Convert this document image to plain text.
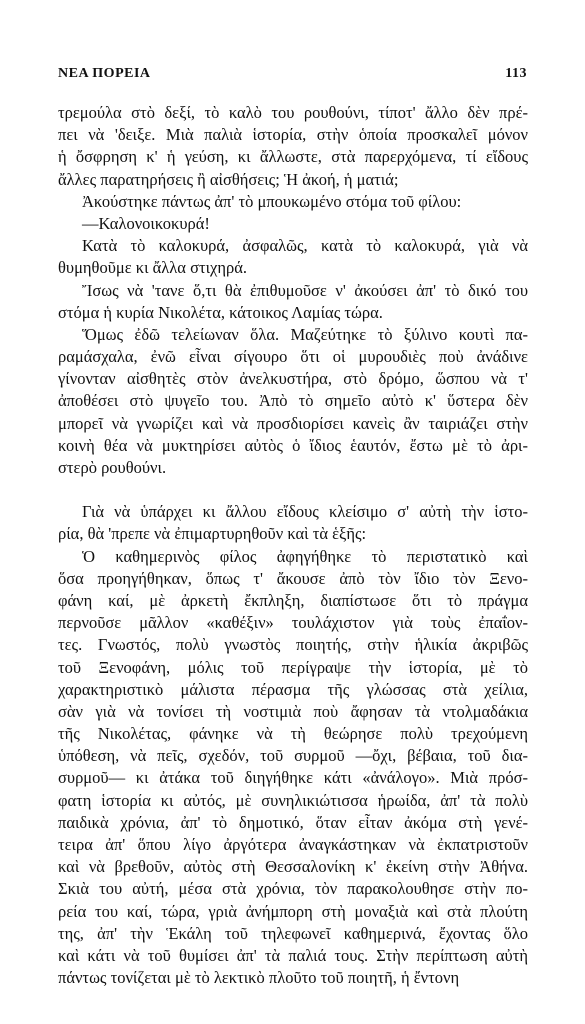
ΝΕΑ ΠΟΡΕΙΑ	113
τρεμούλα στὸ δεξί, τὸ καλὸ του ρουθούνι, τίποτ' ἄλλο δὲν πρέ-
πει νὰ 'δειξε. Μιὰ παλιὰ ἱστορία, στὴν ὁποία προσκαλεῖ μόνον
ἡ ὄσφρηση κ' ἡ γεύση, κι ἄλλωστε, στὰ παρερχόμενα, τί εἴδους
ἄλλες παρατηρήσεις ἢ αἰσθήσεις; Ἡ ἀκοή, ἡ ματιά;
Ἀκούστηκε πάντως ἀπ' τὸ μπουκωμένο στόμα τοῦ φίλου:
—Καλονοικοκυρά!
Κατὰ τὸ καλοκυρά, ἀσφαλῶς, κατὰ τὸ καλοκυρά, γιὰ νὰ
θυμηθοῦμε κι ἄλλα στιχηρά.
Ἴσως νὰ 'τανε ὅ,τι θὰ ἐπιθυμοῦσε ν' ἀκούσει ἀπ' τὸ δικό του
στόμα ἡ κυρία Νικολέτα, κάτοικος Λαμίας τώρα.
Ὅμως ἐδῶ τελείωναν ὅλα. Μαζεύτηκε τὸ ξύλινο κουτὶ πα-
ραμάσχαλα, ἐνῶ εἶναι σίγουρο ὅτι οἱ μυρουδιὲς ποὺ ἀνάδινε
γίνονταν αἰσθητὲς στὸν ἀνελκυστήρα, στὸ δρόμο, ὥσπου νὰ τ'
ἀποθέσει στὸ ψυγεῖο του. Ἀπὸ τὸ σημεῖο αὐτὸ κ' ὕστερα δὲν
μπορεῖ νὰ γνωρίζει καὶ νὰ προσδιορίσει κανεὶς ἂν ταιριάζει στὴν
κοινὴ θέα νὰ μυκτηρίσει αὐτὸς ὁ ἴδιος ἑαυτόν, ἔστω μὲ τὸ ἀρι-
στερὸ ρουθούνι.
Γιὰ νὰ ὑπάρχει κι ἄλλου εἴδους κλείσιμο σ' αὐτὴ τὴν ἱστο-
ρία, θὰ 'πρεπε νὰ ἐπιμαρτυρηθοῦν καὶ τὰ ἑξῆς:
Ὁ καθημερινὸς φίλος ἀφηγήθηκε τὸ περιστατικὸ καὶ
ὅσα προηγήθηκαν, ὅπως τ' ἄκουσε ἀπὸ τὸν ἴδιο τὸν Ξενο-
φάνη καί, μὲ ἀρκετὴ ἔκπληξη, διαπίστωσε ὅτι τὸ πράγμα
περνοῦσε μᾶλλον «καθέξιν» τουλάχιστον γιὰ τοὺς ἐπαΐον-
τες. Γνωστός, πολὺ γνωστὸς ποιητής, στὴν ἡλικία ἀκριβῶς
τοῦ Ξενοφάνη, μόλις τοῦ περίγραψε τὴν ἱστορία, μὲ τὸ
χαρακτηριστικὸ μάλιστα πέρασμα τῆς γλώσσας στὰ χείλια,
σὰν γιὰ νὰ τονίσει τὴ νοστιμιὰ ποὺ ἄφησαν τὰ ντολμαδάκια
τῆς Νικολέτας, φάνηκε νὰ τὴ θεώρησε πολὺ τρεχούμενη
ὑπόθεση, νὰ πεῖς, σχεδόν, τοῦ συρμοῦ —ὄχι, βέβαια, τοῦ δια-
συρμοῦ— κι ἀτάκα τοῦ διηγήθηκε κάτι «ἀνάλογο». Μιὰ πρόσ-
φατη ἱστορία κι αὐτός, μὲ συνηλικιώτισσα ἡρωίδα, ἀπ' τὰ πολὺ
παιδικὰ χρόνια, ἀπ' τὸ δημοτικό, ὅταν εἶταν ἀκόμα στὴ γενέ-
τειρα ἀπ' ὅπου λίγο ἀργότερα ἀναγκάστηκαν νὰ ἐκπατριστοῦν
καὶ νὰ βρεθοῦν, αὐτὸς στὴ Θεσσαλονίκη κ' ἐκείνη στὴν Ἀθήνα.
Σκιὰ του αὐτή, μέσα στὰ χρόνια, τὸν παρακολουθησε στὴν πο-
ρεία του καί, τώρα, γριὰ ἀνήμπορη στὴ μοναξιὰ καὶ στὰ πλούτη
της, ἀπ' τὴν Ἑκάλη τοῦ τηλεφωνεῖ καθημερινά, ἔχοντας ὅλο
καὶ κάτι νὰ τοῦ θυμίσει ἀπ' τὰ παλιά τους. Στὴν περίπτωση αὐτὴ
πάντως τονίζεται μὲ τὸ λεκτικὸ πλοῦτο τοῦ ποιητῆ, ἡ ἔντονη
